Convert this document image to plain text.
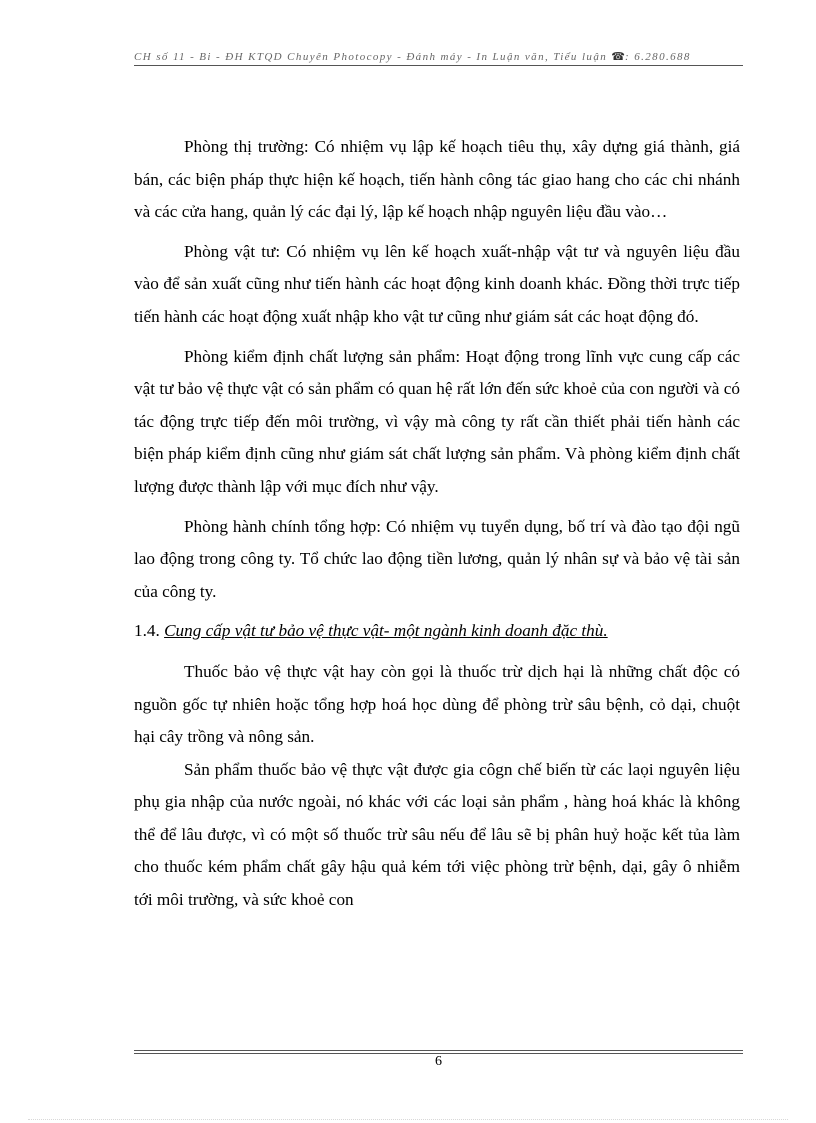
CH số 11 - Bi - ĐH KTQD Chuyên Photocopy - Đánh máy - In Luận văn, Tiểu luận ☎: 6.280.688

Phòng thị trường: Có nhiệm vụ lập kế hoạch tiêu thụ, xây dựng giá thành, giá bán, các biện pháp thực hiện kế hoạch, tiến hành công tác giao hang cho các chi nhánh và các cửa hang, quản lý các đại lý, lập kế hoạch nhập nguyên liệu đầu vào…

Phòng vật tư: Có nhiệm vụ lên kế hoạch xuất-nhập vật tư và nguyên liệu đầu vào để sản xuất cũng như tiến hành các hoạt động kinh doanh khác. Đồng thời trực tiếp tiến hành các hoạt động xuất nhập kho vật tư cũng như giám sát các hoạt động đó.

Phòng kiểm định chất lượng sản phẩm: Hoạt động trong lĩnh vực cung cấp các vật tư bảo vệ thực vật có sản phẩm có quan hệ rất lớn đến sức khoẻ của con người và có tác động trực tiếp đến môi trường, vì vậy mà công ty rất cần thiết phải tiến hành các biện pháp kiểm định cũng như giám sát chất lượng sản phẩm. Và phòng kiểm định chất lượng được thành lập với mục đích như vậy.

Phòng hành chính tổng hợp: Có nhiệm vụ tuyển dụng, bố trí và đào tạo đội ngũ lao động trong công ty. Tổ chức lao động tiền lương, quản lý nhân sự và bảo vệ tài sản của công ty.

1.4. Cung cấp vật tư bảo vệ thực vật- một ngành kinh doanh đặc thù.

Thuốc bảo vệ thực vật hay còn gọi là thuốc trừ dịch hại là những chất độc có nguồn gốc tự nhiên hoặc tổng hợp hoá học dùng để phòng trừ sâu bệnh, cỏ dại, chuột hại cây trồng và nông sản.

Sản phẩm thuốc bảo vệ thực vật được gia côgn chế biến từ các laọi nguyên liệu phụ gia nhập của nước ngoài, nó khác với các loại sản phẩm , hàng hoá khác là không thể để lâu được, vì có một số thuốc trừ sâu nếu để lâu sẽ bị phân huỷ hoặc kết tủa làm cho thuốc kém phẩm chất gây hậu quả kém tới việc phòng trừ bệnh, dại, gây ô nhiễm tới môi trường, và sức khoẻ con

6
